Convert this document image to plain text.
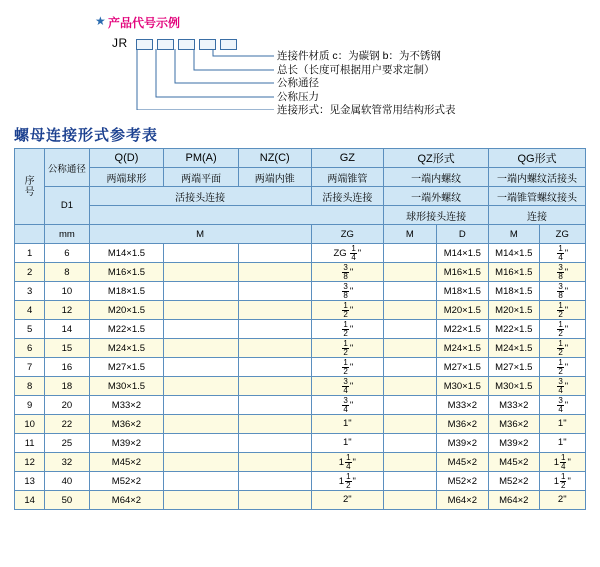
★ 产品代号示例
JR
连接件材质 c：为碳钢 b：为不锈钢
总长（长度可根据用户要求定制）
公称通径
公称压力
连接形式：见金属软管常用结构形式表
螺母连接形式参考表
序
号	公称通径	Q(D)	PM(A)	NZ(C)	GZ	QZ形式		QG形式	
		两端球形	两端平面	两端内锥	两端锥管	一端内螺纹		一端内螺纹活接头	
	D1	活接头连接			活接头连接	一端外螺纹		一端锥管螺纹接头	
						球形接头连接		连接	
	mm	M			ZG	M	D	M	ZG
1	6	M14×1.5			ZG $\frac{1}{4}$ "		M14×1.5	M14×1.5	$\frac{1}{4}$ "
2	8	M16×1.5			$\frac{3}{8}$ "		M16×1.5	M16×1.5	$\frac{3}{8}$ "
3	10	M18×1.5			$\frac{3}{8}$ "		M18×1.5	M18×1.5	$\frac{3}{8}$ "
4	12	M20×1.5			$\frac{1}{2}$ "		M20×1.5	M20×1.5	$\frac{1}{2}$ "
5	14	M22×1.5			$\frac{1}{2}$ "		M22×1.5	M22×1.5	$\frac{1}{2}$ "
6	15	M24×1.5			$\frac{1}{2}$ "		M24×1.5	M24×1.5	$\frac{1}{2}$ "
7	16	M27×1.5			$\frac{1}{2}$ "		M27×1.5	M27×1.5	$\frac{1}{2}$ "
8	18	M30×1.5			$\frac{3}{4}$ "		M30×1.5	M30×1.5	$\frac{3}{4}$ "
9	20	M33×2			$\frac{3}{4}$ "		M33×2	M33×2	$\frac{3}{4}$ "
10	22	M36×2			1"		M36×2	M36×2	1"
11	25	M39×2			1"		M39×2	M39×2	1"
12	32	M45×2			$1 \frac{1}{4}$ "		M45×2	M45×2	$1 \frac{1}{4}$ "
13	40	M52×2			$1 \frac{1}{2}$ "		M52×2	M52×2	$1 \frac{1}{2}$ "
14	50	M64×2			2"		M64×2	M64×2	2"
